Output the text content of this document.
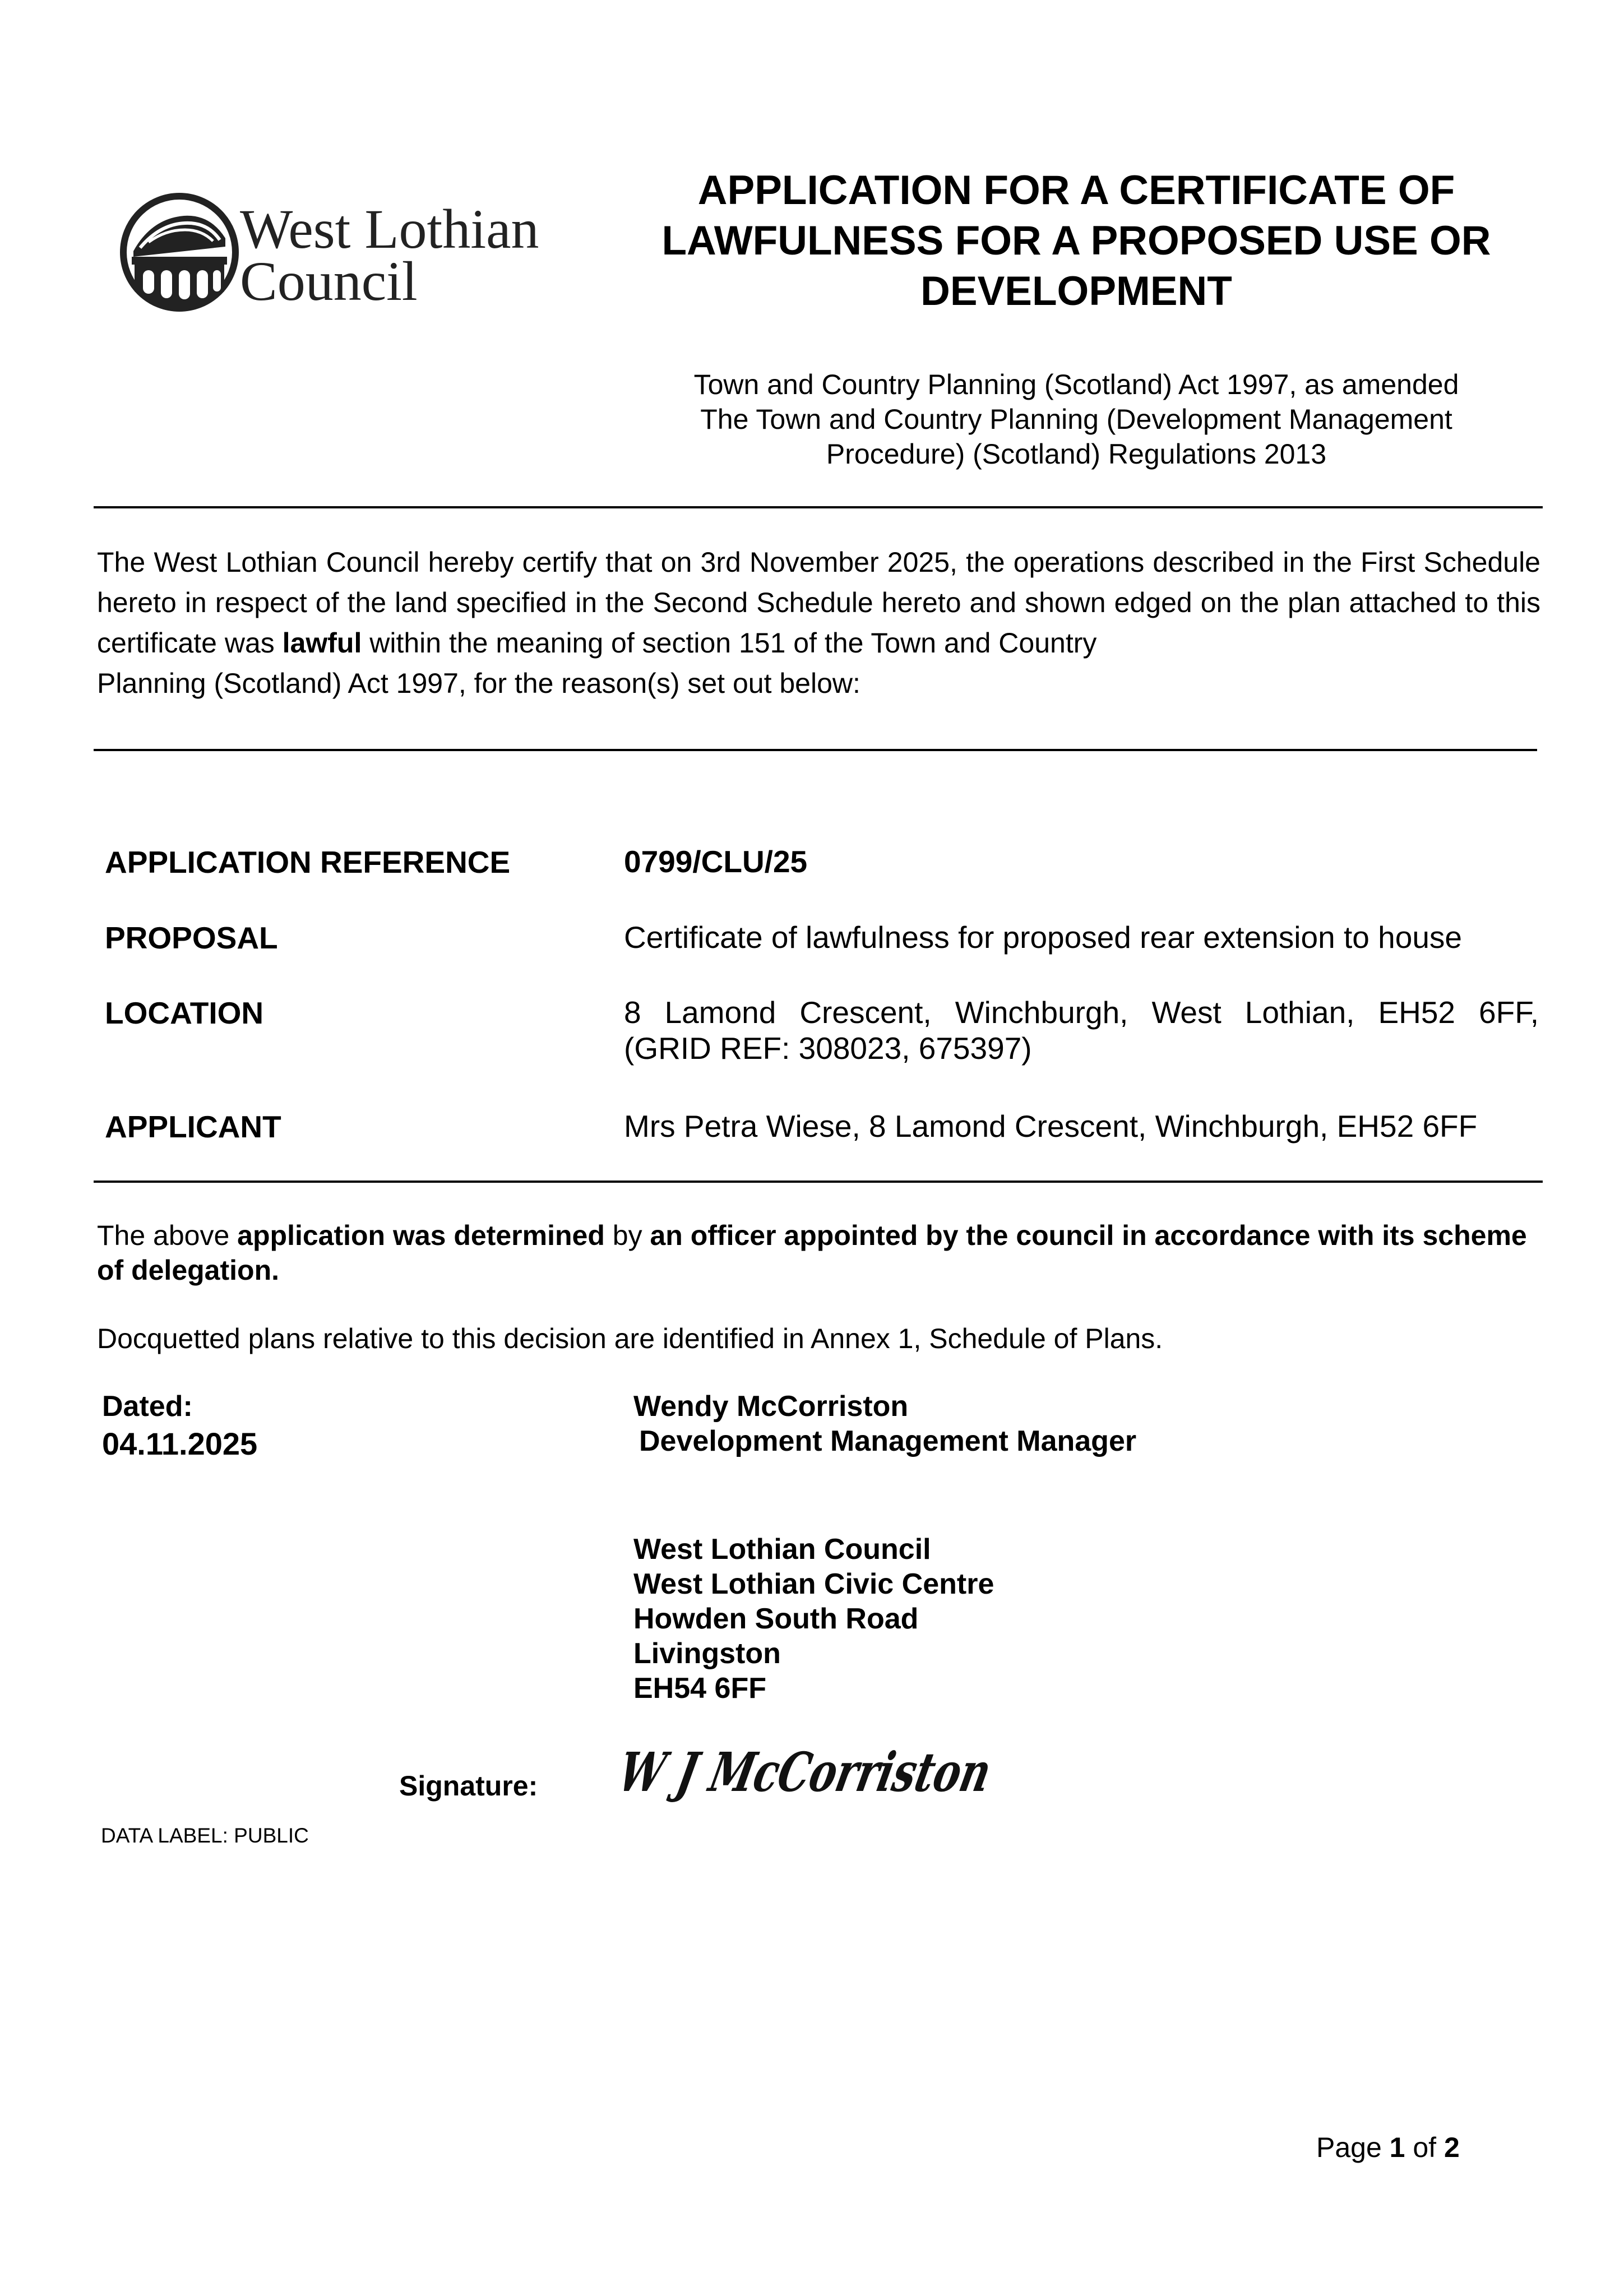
West Lothian
Council
APPLICATION FOR A CERTIFICATE OF
LAWFULNESS FOR A PROPOSED USE OR
DEVELOPMENT
Town and Country Planning (Scotland) Act 1997, as amended
The Town and Country Planning (Development Management
Procedure) (Scotland) Regulations 2013
The West Lothian Council hereby certify that on 3rd November 2025, the operations described in the First Schedule hereto in respect of the land specified in the Second Schedule hereto and shown edged on the plan attached to this certificate was lawful within the meaning of section 151 of the Town and Country
Planning (Scotland) Act 1997, for the reason(s) set out below:
APPLICATION REFERENCE	0799/CLU/25
PROPOSAL	Certificate of lawfulness for proposed rear extension to house
LOCATION	8 Lamond Crescent, Winchburgh, West Lothian, EH52 6FF,
(GRID REF: 308023, 675397)
APPLICANT	Mrs Petra Wiese, 8 Lamond Crescent, Winchburgh, EH52 6FF
The above application was determined by an officer appointed by the council in accordance with its scheme of delegation.
Docquetted plans relative to this decision are identified in Annex 1, Schedule of Plans.
Dated:
04.11.2025
Wendy McCorriston
Development Management Manager
West Lothian Council
West Lothian Civic Centre
Howden South Road
Livingston
EH54 6FF
Signature: W J McCorriston
DATA LABEL: PUBLIC
Page 1 of 2
